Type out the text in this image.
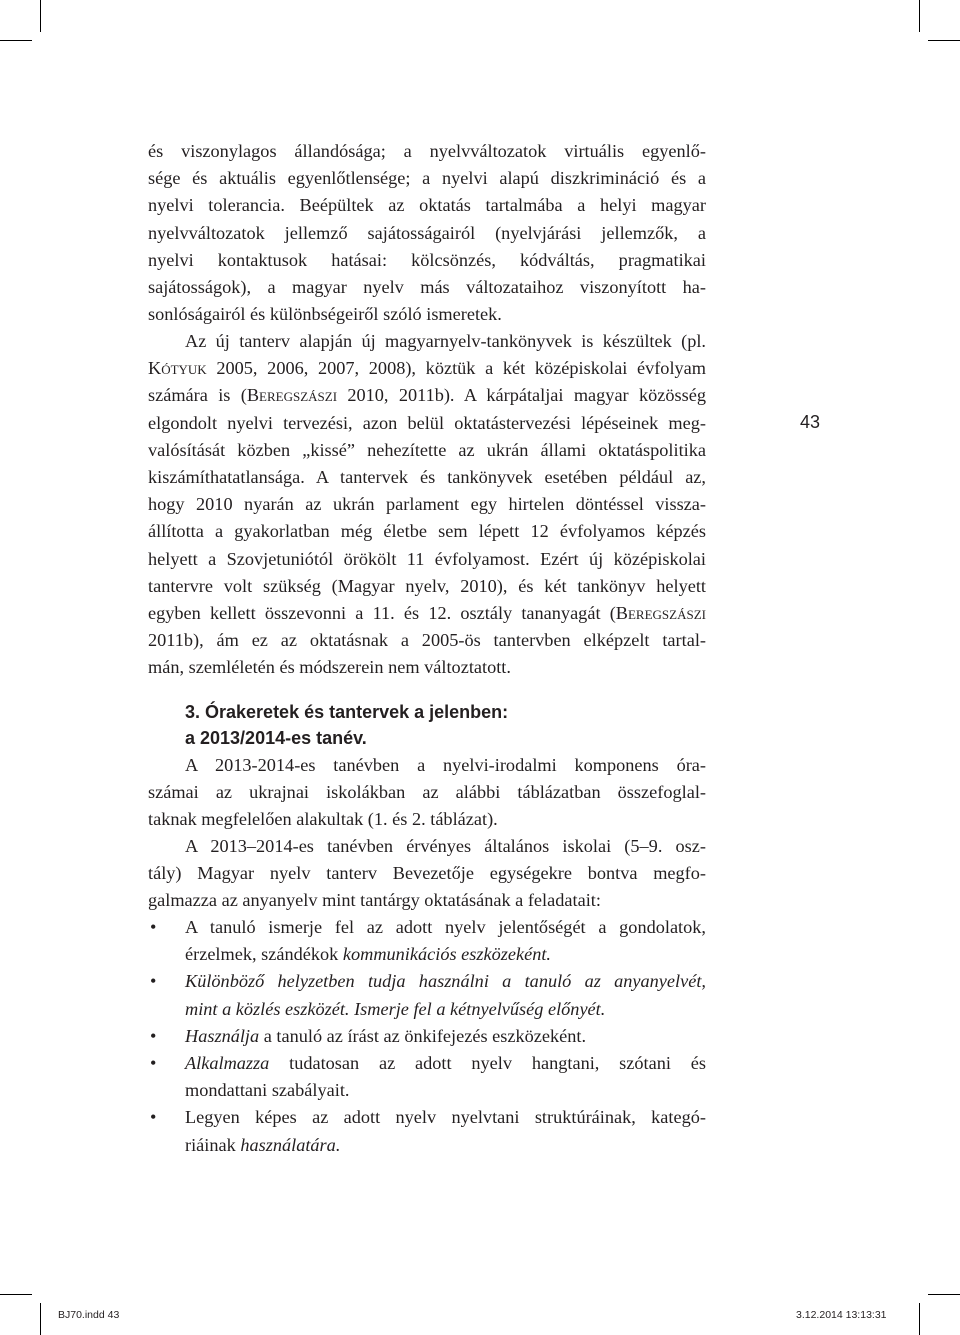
43
és viszonylagos állandósága; a nyelvváltozatok virtuális egyenlő-
sége és aktuális egyenlőtlensége; a nyelvi alapú diszkrimináció és a
nyelvi tolerancia. Beépültek az oktatás tartalmába a helyi magyar
nyelvváltozatok jellemző sajátosságairól (nyelvjárási jellemzők, a
nyelvi kontaktusok hatásai: kölcsönzés, kódváltás, pragmatikai
sajátosságok), a magyar nyelv más változataihoz viszonyított ha-
sonlóságairól és különbségeiről szóló ismeretek.
Az új tanterv alapján új magyarnyelv-tankönyvek is készültek (pl.
Kótyuk 2005, 2006, 2007, 2008), köztük a két középiskolai évfolyam
számára is (Beregszászi 2010, 2011b). A kárpátaljai magyar közösség
elgondolt nyelvi tervezési, azon belül oktatástervezési lépéseinek meg-
valósítását közben „kissé” nehezítette az ukrán állami oktatáspolitika
kiszámíthatatlansága. A tantervek és tankönyvek esetében például az,
hogy 2010 nyarán az ukrán parlament egy hirtelen döntéssel vissza-
állította a gyakorlatban még életbe sem lépett 12 évfolyamos képzés
helyett a Szovjetuniótól örökölt 11 évfolyamost. Ezért új középiskolai
tantervre volt szükség (Magyar nyelv, 2010), és két tankönyv helyett
egyben kellett összevonni a 11. és 12. osztály tananyagát (Beregszászi
2011b), ám ez az oktatásnak a 2005-ös tantervben elképzelt tartal-
mán, szemléletén és módszerein nem változtatott.
3. Órakeretek és tantervek a jelenben:
a 2013/2014-es tanév.
A 2013-2014-es tanévben a nyelvi-irodalmi komponens óra-
számai az ukrajnai iskolákban az alábbi táblázatban összefoglal-
taknak megfelelően alakultak (1. és 2. táblázat).
A 2013–2014-es tanévben érvényes általános iskolai (5–9. osz-
tály) Magyar nyelv tanterv Bevezetője egységekre bontva megfo-
galmazza az anyanyelv mint tantárgy oktatásának a feladatait:
• A tanuló ismerje fel az adott nyelv jelentőségét a gondolatok,
érzelmek, szándékok kommunikációs eszközeként.
• Különböző helyzetben tudja használni a tanuló az anyanyelvét,
mint a közlés eszközét. Ismerje fel a kétnyelvűség előnyét.
• Használja a tanuló az írást az önkifejezés eszközeként.
• Alkalmazza tudatosan az adott nyelv hangtani, szótani és
mondattani szabályait.
• Legyen képes az adott nyelv nyelvtani struktúráinak, kategó-
riáinak használatára.
BJ70.indd 43	3.12.2014 13:13:31
